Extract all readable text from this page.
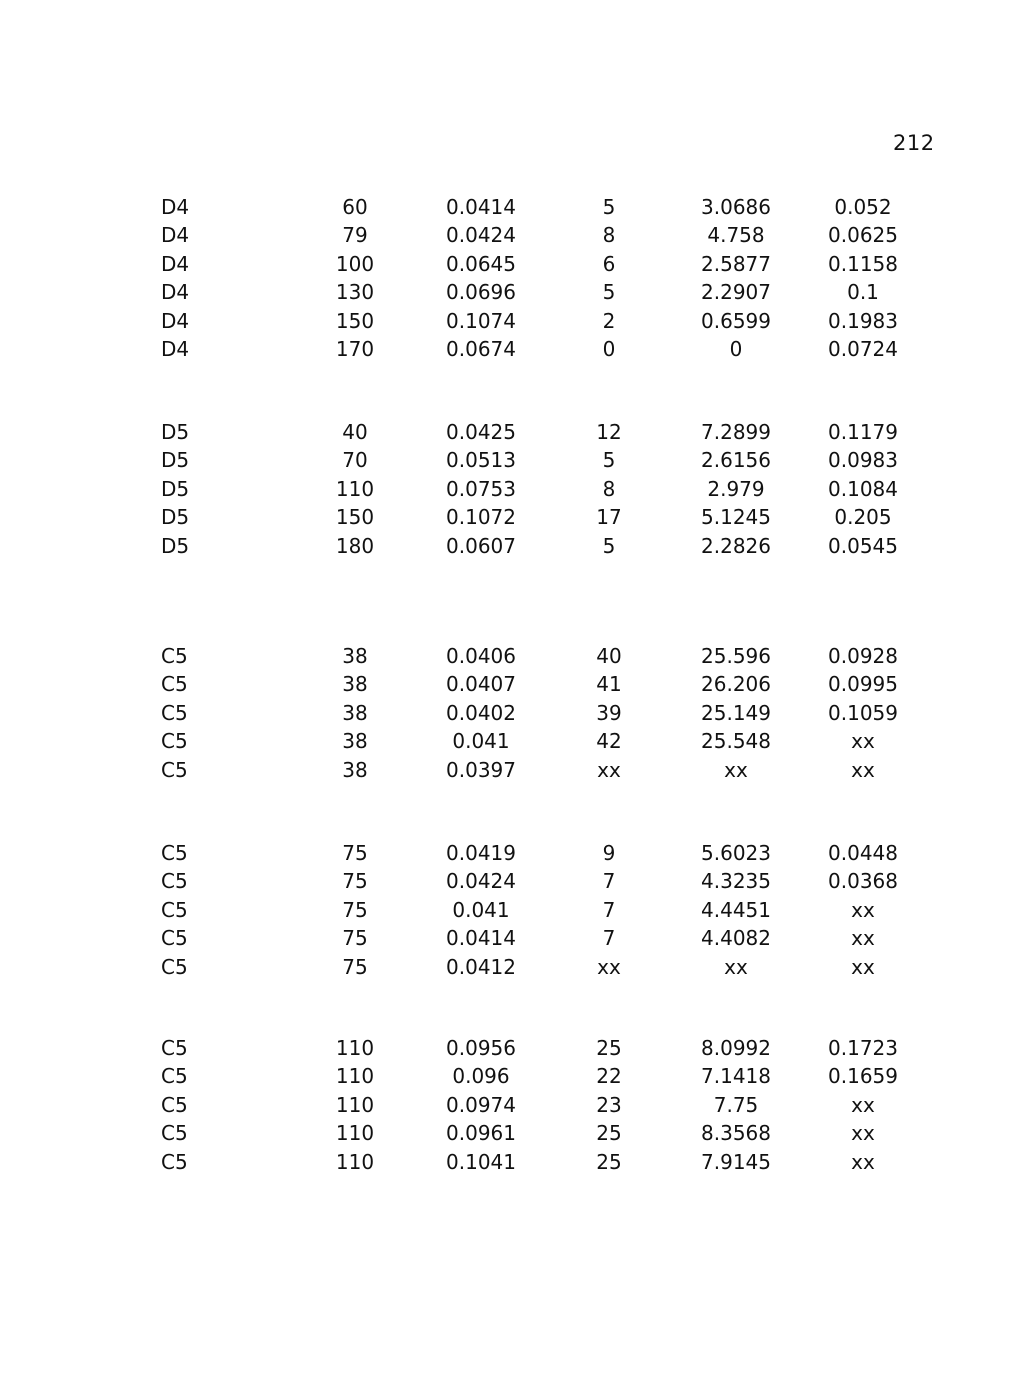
212
D4	60	0.0414	5	3.0686	0.052
D4	79	0.0424	8	4.758	0.0625
D4	100	0.0645	6	2.5877	0.1158
D4	130	0.0696	5	2.2907	0.1
D4	150	0.1074	2	0.6599	0.1983
D4	170	0.0674	0	0	0.0724
D5	40	0.0425	12	7.2899	0.1179
D5	70	0.0513	5	2.6156	0.0983
D5	110	0.0753	8	2.979	0.1084
D5	150	0.1072	17	5.1245	0.205
D5	180	0.0607	5	2.2826	0.0545
C5	38	0.0406	40	25.596	0.0928
C5	38	0.0407	41	26.206	0.0995
C5	38	0.0402	39	25.149	0.1059
C5	38	0.041	42	25.548	xx
C5	38	0.0397	xx	xx	xx
C5	75	0.0419	9	5.6023	0.0448
C5	75	0.0424	7	4.3235	0.0368
C5	75	0.041	7	4.4451	xx
C5	75	0.0414	7	4.4082	xx
C5	75	0.0412	xx	xx	xx
C5	110	0.0956	25	8.0992	0.1723
C5	110	0.096	22	7.1418	0.1659
C5	110	0.0974	23	7.75	xx
C5	110	0.0961	25	8.3568	xx
C5	110	0.1041	25	7.9145	xx
